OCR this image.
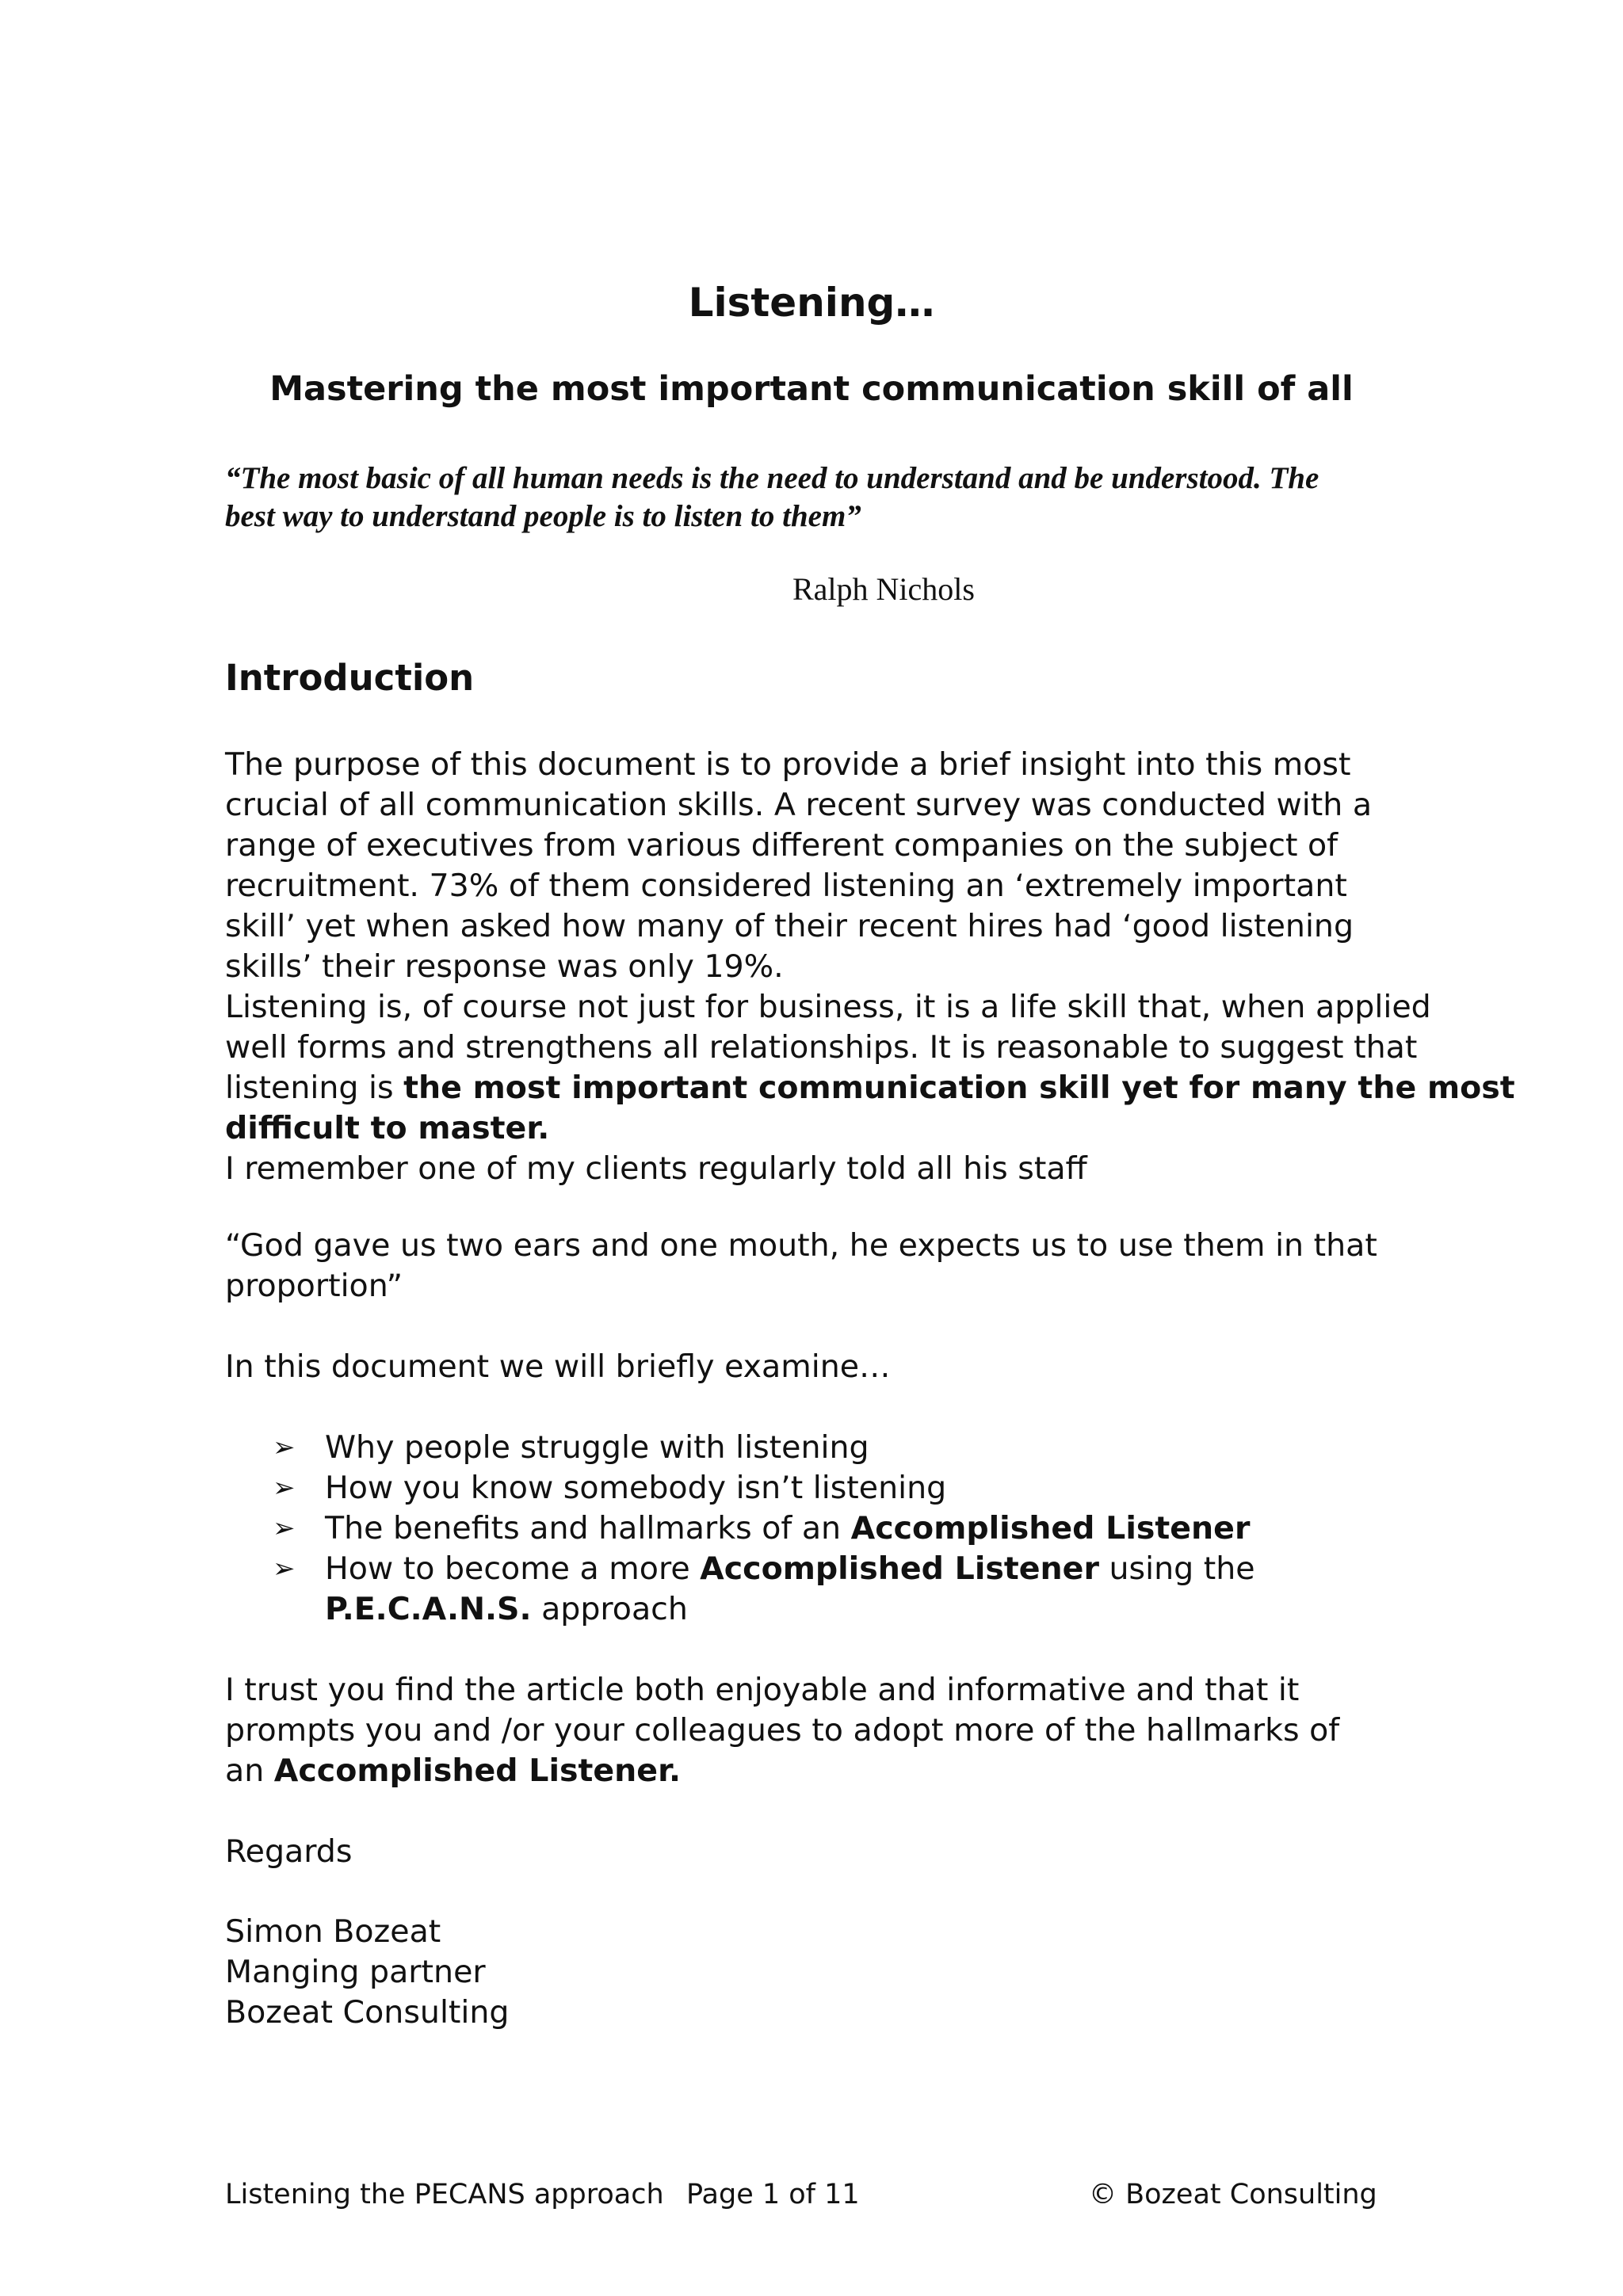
Listening…
Mastering the most important communication skill of all
“The most basic of all human needs is the need to understand and be understood. The
best way to understand people is to listen to them”
Ralph Nichols
Introduction
The purpose of this document is to provide a brief insight into this most
crucial of all communication skills. A recent survey was conducted with a
range of executives from various different companies on the subject of
recruitment. 73% of them considered listening an ‘extremely important
skill’ yet when asked how many of their recent hires had ‘good listening
skills’ their response was only 19%.
Listening is, of course not just for business, it is a life skill that, when applied
well forms and strengthens all relationships. It is reasonable to suggest that
listening is the most important communication skill yet for many the most
difficult to master.
I remember one of my clients regularly told all his staff
“God gave us two ears and one mouth, he expects us to use them in that
proportion”
In this document we will briefly examine…
➢ Why people struggle with listening
➢ How you know somebody isn’t listening
➢ The benefits and hallmarks of an Accomplished Listener
➢ How to become a more Accomplished Listener using the
P.E.C.A.N.S. approach
I trust you find the article both enjoyable and informative and that it
prompts you and /or your colleagues to adopt more of the hallmarks of
an Accomplished Listener.
Regards
Simon Bozeat
Manging partner
Bozeat Consulting
Listening the PECANS approach Page 1 of 11	© Bozeat Consulting
